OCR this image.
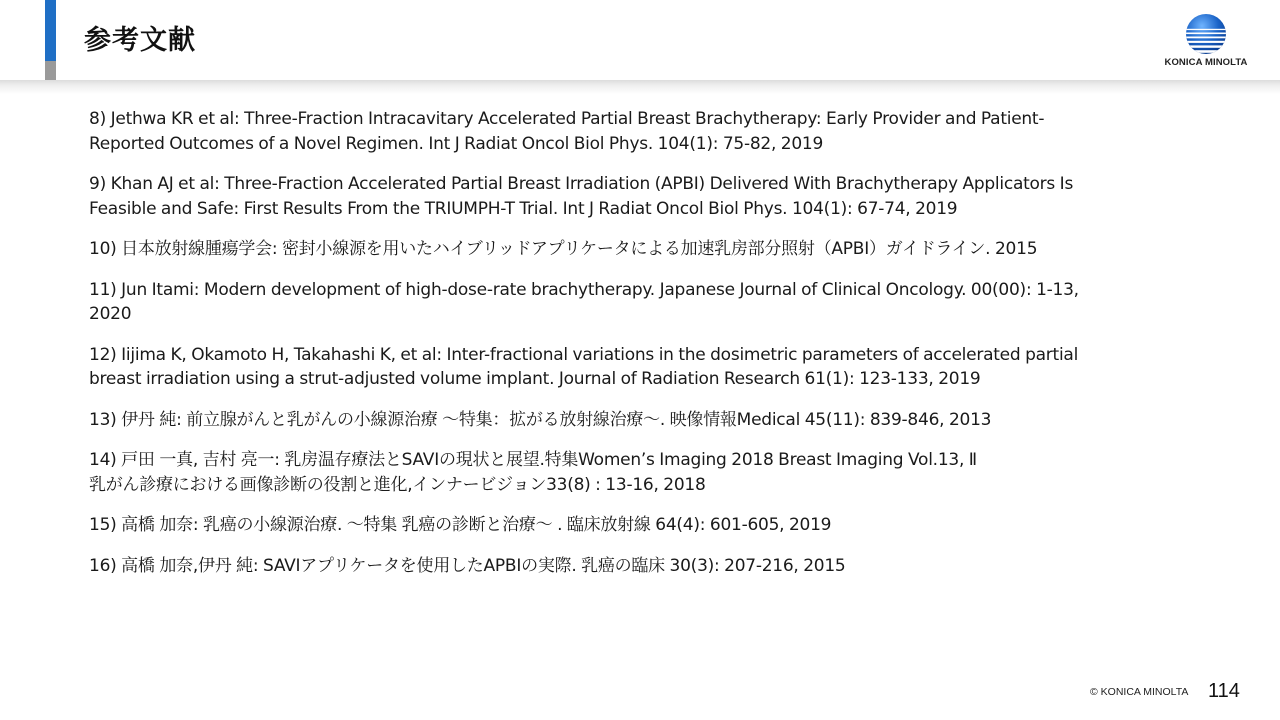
参考文献
KONICA MINOLTA
8) Jethwa KR et al: Three-Fraction Intracavitary Accelerated Partial Breast Brachytherapy: Early Provider and Patient-
Reported Outcomes of a Novel Regimen. Int J Radiat Oncol Biol Phys. 104(1): 75-82, 2019
9) Khan AJ et al: Three-Fraction Accelerated Partial Breast Irradiation (APBI) Delivered With Brachytherapy Applicators Is
Feasible and Safe: First Results From the TRIUMPH-T Trial. Int J Radiat Oncol Biol Phys. 104(1): 67-74, 2019
10) 日本放射線腫瘍学会: 密封小線源を用いたハイブリッドアプリケータによる加速乳房部分照射（APBI）ガイドライン. 2015
11) Jun Itami: Modern development of high-dose-rate brachytherapy. Japanese Journal of Clinical Oncology. 00(00): 1-13,
2020
12) Iijima K, Okamoto H, Takahashi K, et al: Inter-fractional variations in the dosimetric parameters of accelerated partial
breast irradiation using a strut-adjusted volume implant. Journal of Radiation Research 61(1): 123-133, 2019
13) 伊丹 純: 前立腺がんと乳がんの小線源治療 ～特集：拡がる放射線治療～. 映像情報Medical 45(11): 839-846, 2013
14) 戸田 一真, 吉村 亮一: 乳房温存療法とSAVIの現状と展望.特集Women’s Imaging 2018 Breast Imaging Vol.13, Ⅱ
乳がん診療における画像診断の役割と進化,インナービジョン33(8) : 13-16, 2018
15) 高橋 加奈: 乳癌の小線源治療. ～特集 乳癌の診断と治療～ . 臨床放射線 64(4): 601-605, 2019
16) 高橋 加奈,伊丹 純: SAVIアプリケータを使用したAPBIの実際. 乳癌の臨床 30(3): 207-216, 2015
© KONICA MINOLTA 114
